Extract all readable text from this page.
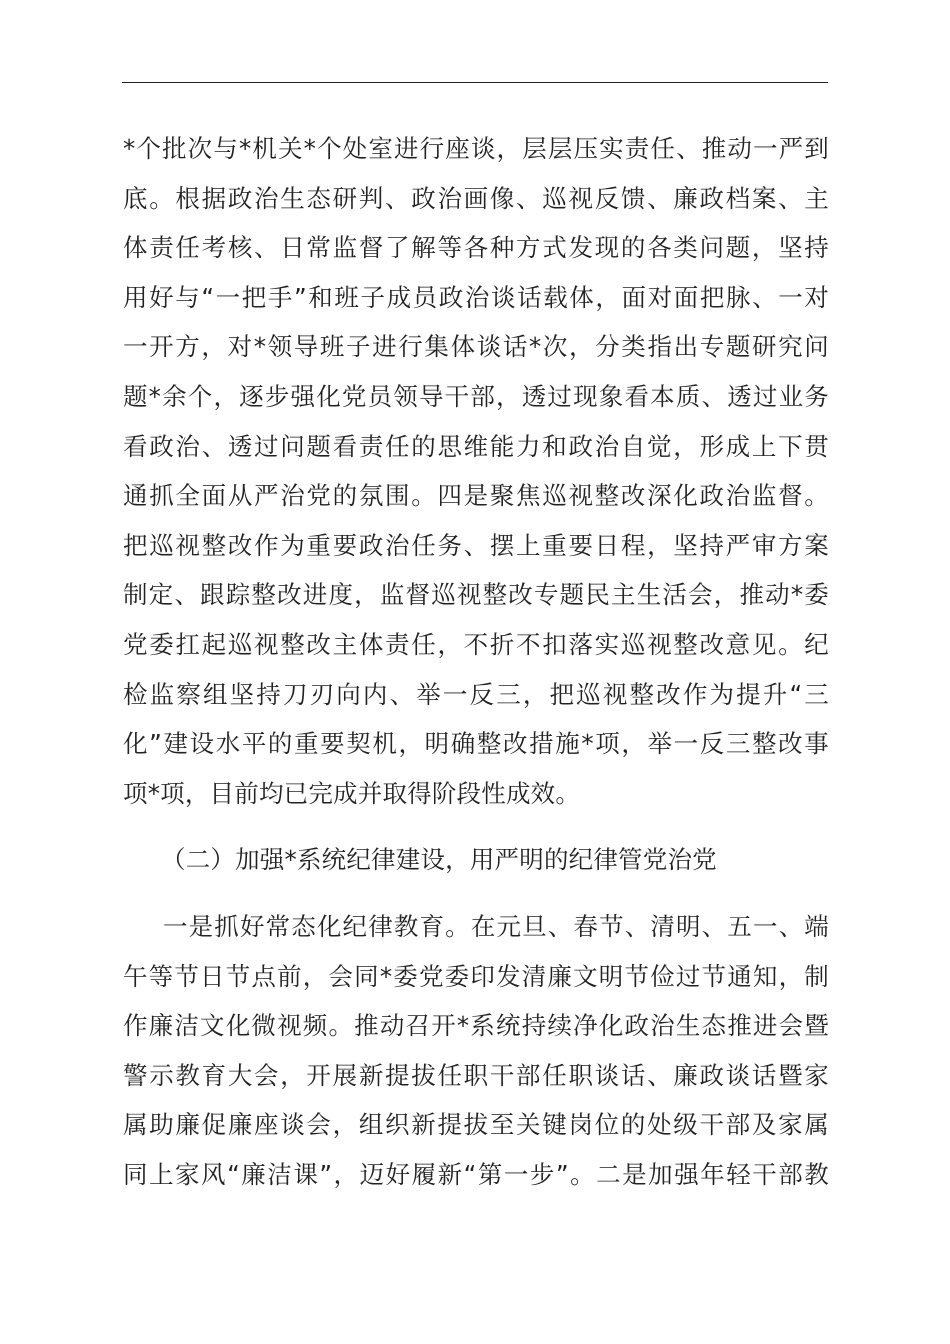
*个批次与*机关*个处室进行座谈，层层压实责任、推动一严到
底。根据政治生态研判、政治画像、巡视反馈、廉政档案、主
体责任考核、日常监督了解等各种方式发现的各类问题，坚持
用好与“一把手”和班子成员政治谈话载体，面对面把脉、一对
一开方，对*领导班子进行集体谈话*次，分类指出专题研究问
题*余个，逐步强化党员领导干部，透过现象看本质、透过业务
看政治、透过问题看责任的思维能力和政治自觉，形成上下贯
通抓全面从严治党的氛围。四是聚焦巡视整改深化政治监督。
把巡视整改作为重要政治任务、摆上重要日程，坚持严审方案
制定、跟踪整改进度，监督巡视整改专题民主生活会，推动*委
党委扛起巡视整改主体责任，不折不扣落实巡视整改意见。纪
检监察组坚持刀刃向内、举一反三，把巡视整改作为提升“三
化”建设水平的重要契机，明确整改措施*项，举一反三整改事
项*项，目前均已完成并取得阶段性成效。
（二）加强*系统纪律建设，用严明的纪律管党治党
一是抓好常态化纪律教育。在元旦、春节、清明、五一、端
午等节日节点前，会同*委党委印发清廉文明节俭过节通知，制
作廉洁文化微视频。推动召开*系统持续净化政治生态推进会暨
警示教育大会，开展新提拔任职干部任职谈话、廉政谈话暨家
属助廉促廉座谈会，组织新提拔至关键岗位的处级干部及家属
同上家风“廉洁课”，迈好履新“第一步”。二是加强年轻干部教
